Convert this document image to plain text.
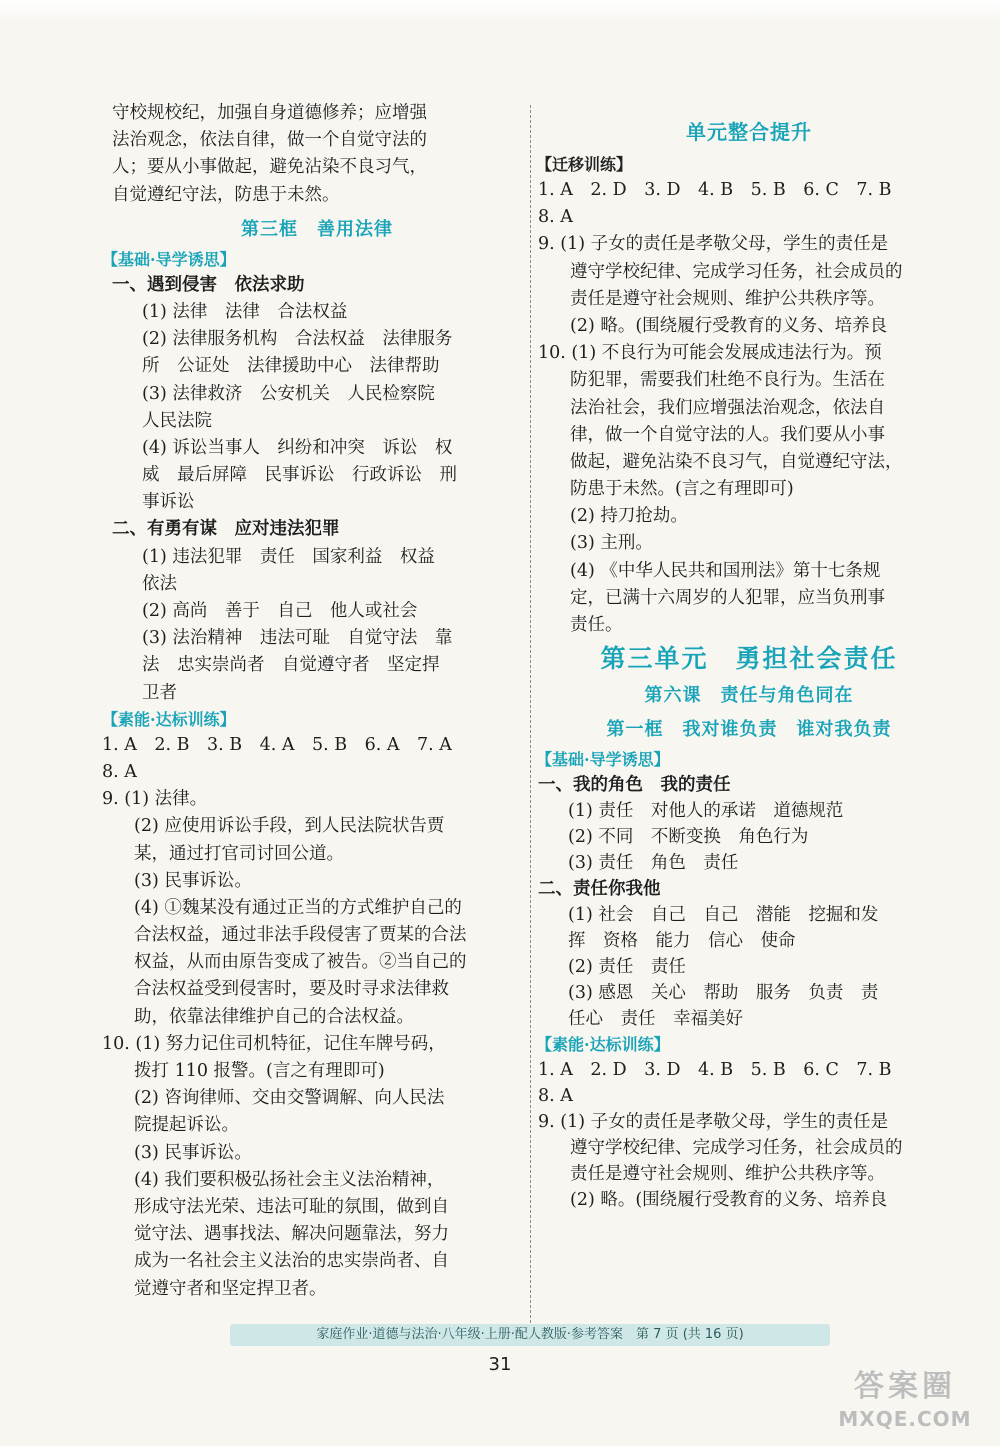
守校规校纪，加强自身道德修养；应增强
法治观念，依法自律，做一个自觉守法的
人；要从小事做起，避免沾染不良习气，
自觉遵纪守法，防患于未然。
第三框　善用法律
【基础·导学诱思】
一、遇到侵害　依法求助
(1) 法律　法律　合法权益
(2) 法律服务机构　合法权益　法律服务
所　公证处　法律援助中心　法律帮助
(3) 法律救济　公安机关　人民检察院
人民法院
(4) 诉讼当事人　纠纷和冲突　诉讼　权
威　最后屏障　民事诉讼　行政诉讼　刑
事诉讼
二、有勇有谋　应对违法犯罪
(1) 违法犯罪　责任　国家利益　权益
依法
(2) 高尚　善于　自己　他人或社会
(3) 法治精神　违法可耻　自觉守法　靠
法　忠实崇尚者　自觉遵守者　坚定捍
卫者
【素能·达标训练】
1. A　2. B　3. B　4. A　5. B　6. A　7. A
8. A
9. (1) 法律。
(2) 应使用诉讼手段，到人民法院状告贾
某，通过打官司讨回公道。
(3) 民事诉讼。
(4) ①魏某没有通过正当的方式维护自己的
合法权益，通过非法手段侵害了贾某的合法
权益，从而由原告变成了被告。②当自己的
合法权益受到侵害时，要及时寻求法律救
助，依靠法律维护自己的合法权益。
10. (1) 努力记住司机特征，记住车牌号码，
拨打 110 报警。(言之有理即可)
(2) 咨询律师、交由交警调解、向人民法
院提起诉讼。
(3) 民事诉讼。
(4) 我们要积极弘扬社会主义法治精神，
形成守法光荣、违法可耻的氛围，做到自
觉守法、遇事找法、解决问题靠法，努力
成为一名社会主义法治的忠实崇尚者、自
觉遵守者和坚定捍卫者。
单元整合提升
【迁移训练】
1. A　2. D　3. D　4. B　5. B　6. C　7. B
8. A
9. (1) 子女的责任是孝敬父母，学生的责任是
遵守学校纪律、完成学习任务，社会成员的
责任是遵守社会规则、维护公共秩序等。
(2) 略。(围绕履行受教育的义务、培养良
10. (1) 不良行为可能会发展成违法行为。预
防犯罪，需要我们杜绝不良行为。生活在
法治社会，我们应增强法治观念，依法自
律，做一个自觉守法的人。我们要从小事
做起，避免沾染不良习气，自觉遵纪守法，
防患于未然。(言之有理即可)
(2) 持刀抢劫。
(3) 主刑。
(4) 《中华人民共和国刑法》第十七条规
定，已满十六周岁的人犯罪，应当负刑事
责任。
第三单元　勇担社会责任
第六课　责任与角色同在
第一框　我对谁负责　谁对我负责
【基础·导学诱思】
一、我的角色　我的责任
(1) 责任　对他人的承诺　道德规范
(2) 不同　不断变换　角色行为
(3) 责任　角色　责任
二、责任你我他
(1) 社会　自己　自己　潜能　挖掘和发
挥　资格　能力　信心　使命
(2) 责任　责任
(3) 感恩　关心　帮助　服务　负责　责
任心　责任　幸福美好
【素能·达标训练】
1. A　2. D　3. D　4. B　5. B　6. C　7. B
8. A
9. (1) 子女的责任是孝敬父母，学生的责任是
遵守学校纪律、完成学习任务，社会成员的
责任是遵守社会规则、维护公共秩序等。
(2) 略。(围绕履行受教育的义务、培养良
家庭作业·道德与法治·八年级·上册·配人教版·参考答案　第 7 页 (共 16 页)
31
答案圈
MXQE.COM
